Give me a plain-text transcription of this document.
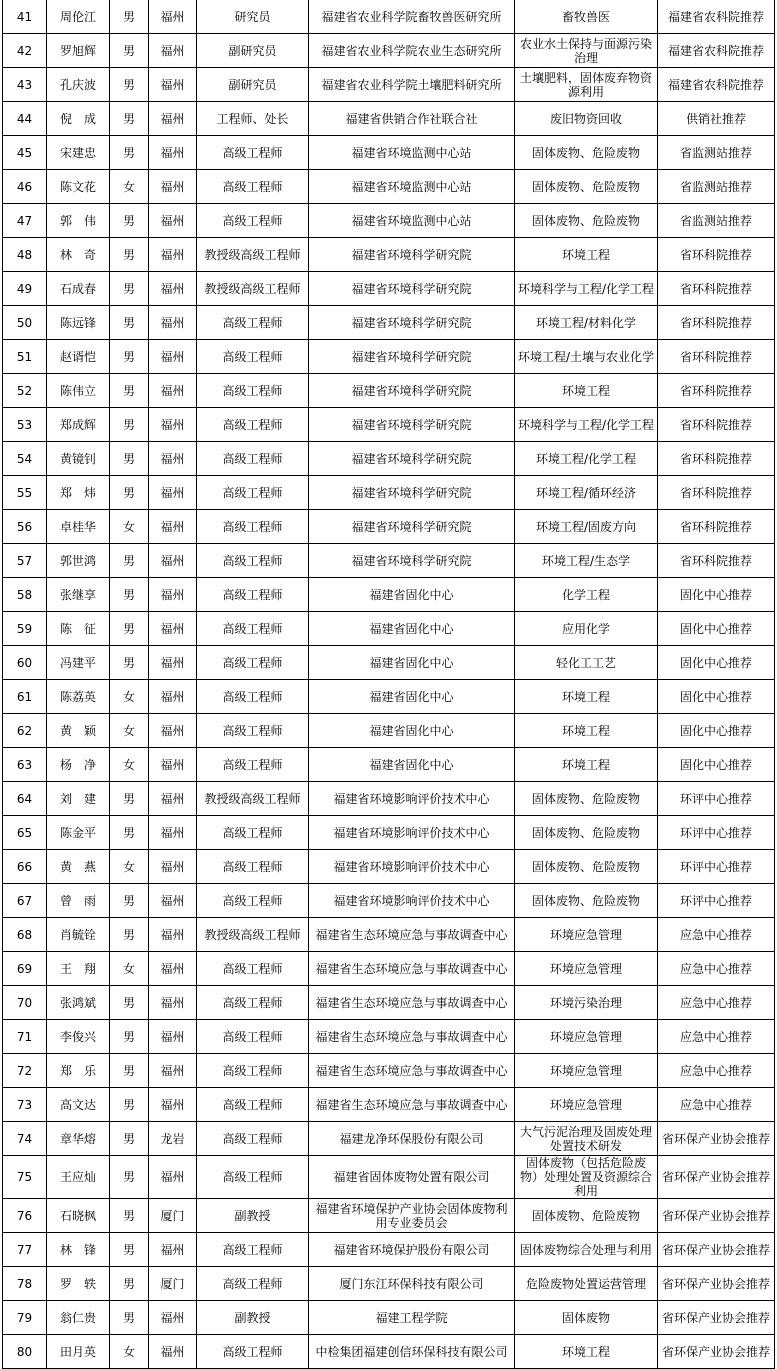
41	周伦江	男	福州	研究员	福建省农业科学院畜牧兽医研究所	畜牧兽医	福建省农科院推荐
42	罗旭辉	男	福州	副研究员	福建省农业科学院农业生态研究所	农业水土保持与面源污染治理	福建省农科院推荐
43	孔庆波	男	福州	副研究员	福建省农业科学院土壤肥料研究所	土壤肥料，固体废弃物资源利用	福建省农科院推荐
44	倪　成	男	福州	工程师、处长	福建省供销合作社联合社	废旧物资回收	供销社推荐
45	宋建忠	男	福州	高级工程师	福建省环境监测中心站	固体废物、危险废物	省监测站推荐
46	陈文花	女	福州	高级工程师	福建省环境监测中心站	固体废物、危险废物	省监测站推荐
47	郭　伟	男	福州	高级工程师	福建省环境监测中心站	固体废物、危险废物	省监测站推荐
48	林　奇	男	福州	教授级高级工程师	福建省环境科学研究院	环境工程	省环科院推荐
49	石成春	男	福州	教授级高级工程师	福建省环境科学研究院	环境科学与工程/化学工程	省环科院推荐
50	陈远锋	男	福州	高级工程师	福建省环境科学研究院	环境工程/材料化学	省环科院推荐
51	赵谞恺	男	福州	高级工程师	福建省环境科学研究院	环境工程/土壤与农业化学	省环科院推荐
52	陈伟立	男	福州	高级工程师	福建省环境科学研究院	环境工程	省环科院推荐
53	郑成辉	男	福州	高级工程师	福建省环境科学研究院	环境科学与工程/化学工程	省环科院推荐
54	黄镜钊	男	福州	高级工程师	福建省环境科学研究院	环境工程/化学工程	省环科院推荐
55	郑　炜	男	福州	高级工程师	福建省环境科学研究院	环境工程/循环经济	省环科院推荐
56	卓桂华	女	福州	高级工程师	福建省环境科学研究院	环境工程/固废方向	省环科院推荐
57	郭世鸿	男	福州	高级工程师	福建省环境科学研究院	环境工程/生态学	省环科院推荐
58	张继享	男	福州	高级工程师	福建省固化中心	化学工程	固化中心推荐
59	陈　征	男	福州	高级工程师	福建省固化中心	应用化学	固化中心推荐
60	冯建平	男	福州	高级工程师	福建省固化中心	轻化工工艺	固化中心推荐
61	陈荔英	女	福州	高级工程师	福建省固化中心	环境工程	固化中心推荐
62	黄　颖	女	福州	高级工程师	福建省固化中心	环境工程	固化中心推荐
63	杨　净	女	福州	高级工程师	福建省固化中心	环境工程	固化中心推荐
64	刘　建	男	福州	教授级高级工程师	福建省环境影响评价技术中心	固体废物、危险废物	环评中心推荐
65	陈金平	男	福州	高级工程师	福建省环境影响评价技术中心	固体废物、危险废物	环评中心推荐
66	黄　燕	女	福州	高级工程师	福建省环境影响评价技术中心	固体废物、危险废物	环评中心推荐
67	曾　雨	男	福州	高级工程师	福建省环境影响评价技术中心	固体废物、危险废物	环评中心推荐
68	肖毓铨	男	福州	教授级高级工程师	福建省生态环境应急与事故调查中心	环境应急管理	应急中心推荐
69	王　翔	女	福州	高级工程师	福建省生态环境应急与事故调查中心	环境应急管理	应急中心推荐
70	张鸿斌	男	福州	高级工程师	福建省生态环境应急与事故调查中心	环境污染治理	应急中心推荐
71	李俊兴	男	福州	高级工程师	福建省生态环境应急与事故调查中心	环境应急管理	应急中心推荐
72	郑　乐	男	福州	高级工程师	福建省生态环境应急与事故调查中心	环境应急管理	应急中心推荐
73	高文达	男	福州	高级工程师	福建省生态环境应急与事故调查中心	环境应急管理	应急中心推荐
74	章华熔	男	龙岩	高级工程师	福建龙净环保股份有限公司	大气污泥治理及固废处理处置技术研发	省环保产业协会推荐
75	王应灿	男	福州	高级工程师	福建省固体废物处置有限公司	固体废物（包括危险废物）处理处置及资源综合利用	省环保产业协会推荐
76	石晓枫	男	厦门	副教授	福建省环境保护产业协会固体废物利用专业委员会	固体废物、危险废物	省环保产业协会推荐
77	林　锋	男	福州	高级工程师	福建省环境保护股份有限公司	固体废物综合处理与利用	省环保产业协会推荐
78	罗　轶	男	厦门	高级工程师	厦门东江环保科技有限公司	危险废物处置运营管理	省环保产业协会推荐
79	翁仁贵	男	福州	副教授	福建工程学院	固体废物	省环保产业协会推荐
80	田月英	女	福州	高级工程师	中检集团福建创信环保科技有限公司	环境工程	省环保产业协会推荐
